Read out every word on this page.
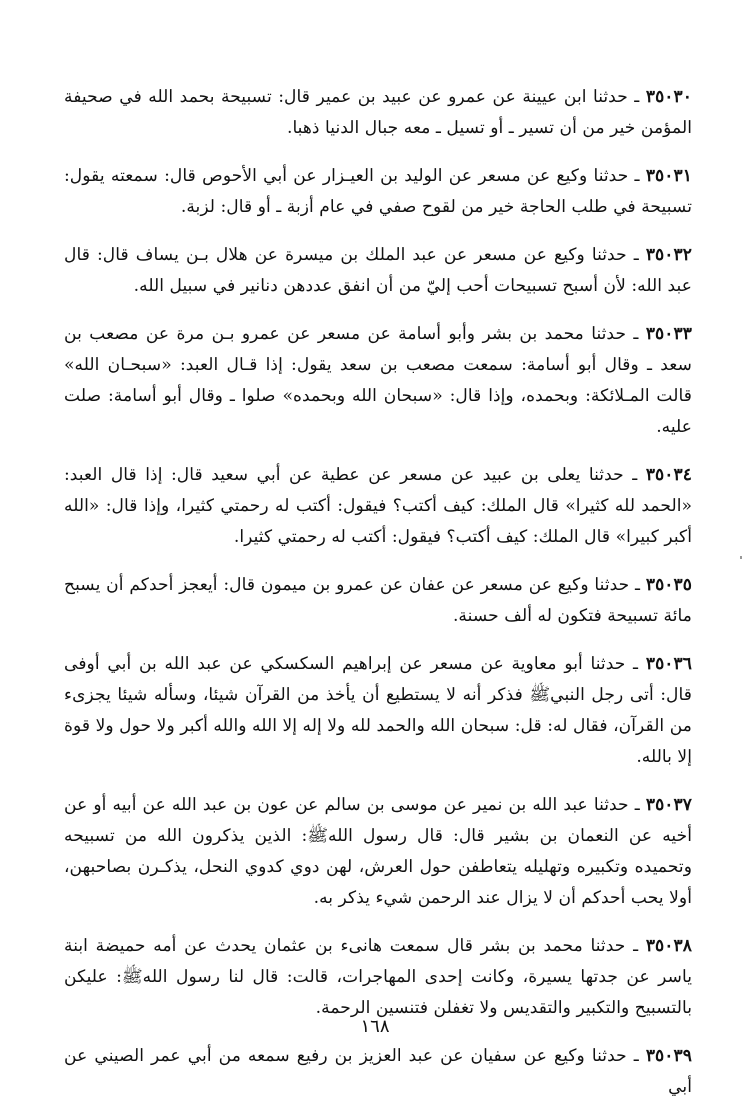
٣٥٠٣٠ ـ حدثنا ابن عيينة عن عمرو عن عبيد بن عمير قال: تسبيحة بحمد الله في صحيفة المؤمن خير من أن تسير ـ أو تسيل ـ معه جبال الدنيا ذهبا.

٣٥٠٣١ ـ حدثنا وكيع عن مسعر عن الوليد بن العيـزار عن أبي الأحوص قال: سمعته يقول: تسبيحة في طلب الحاجة خير من لقوح صفي في عام أزبة ـ أو قال: لزبة.

٣٥٠٣٢ ـ حدثنا وكيع عن مسعر عن عبد الملك بن ميسرة عن هلال بـن يساف قال: قال عبد الله: لأن أسبح تسبيحات أحب إليّ من أن انفق عددهن دنانير في سبيل الله.

٣٥٠٣٣ ـ حدثنا محمد بن بشر وأبو أسامة عن مسعر عن عمرو بـن مرة عن مصعب بن سعد ـ وقال أبو أسامة: سمعت مصعب بن سعد يقول: إذا قـال العبد: «سبحـان الله» قالت المـلائكة: وبحمده، وإذا قال: «سبحان الله وبحمده» صلوا ـ وقال أبو أسامة: صلت عليه.

٣٥٠٣٤ ـ حدثنا يعلى بن عبيد عن مسعر عن عطية عن أبي سعيد قال: إذا قال العبد: «الحمد لله كثيرا» قال الملك: كيف أكتب؟ فيقول: أكتب له رحمتي كثيرا، وإذا قال: «الله أكبر كبيرا» قال الملك: كيف أكتب؟ فيقول: أكتب له رحمتي كثيرا.

٣٥٠٣٥ ـ حدثنا وكيع عن مسعر عن عفان عن عمرو بن ميمون قال: أيعجز أحدكم أن يسبح مائة تسبيحة فتكون له ألف حسنة.

٣٥٠٣٦ ـ حدثنا أبو معاوية عن مسعر عن إبراهيم السكسكي عن عبد الله بن أبي أوفى قال: أتى رجل النبيﷺ فذكر أنه لا يستطيع أن يأخذ من القرآن شيئا، وسأله شيئا يجزىء من القرآن، فقال له: قل: سبحان الله والحمد لله ولا إله إلا الله والله أكبر ولا حول ولا قوة إلا بالله.

٣٥٠٣٧ ـ حدثنا عبد الله بن نمير عن موسى بن سالم عن عون بن عبد الله عن أبيه أو عن أخيه عن النعمان بن بشير قال: قال رسول اللهﷺ: الذين يذكرون الله من تسبيحه وتحميده وتكبيره وتهليله يتعاطفن حول العرش، لهن دوي كدوي النحل، يذكـرن بصاحبهن، أولا يحب أحدكم أن لا يزال عند الرحمن شيء يذكر به.

٣٥٠٣٨ ـ حدثنا محمد بن بشر قال سمعت هانىء بن عثمان يحدث عن أمه حميضة ابنة ياسر عن جدتها يسيرة، وكانت إحدى المهاجرات، قالت: قال لنا رسول اللهﷺ: عليكن بالتسبيح والتكبير والتقديس ولا تغفلن فتنسين الرحمة.

٣٥٠٣٩ ـ حدثنا وكيع عن سفيان عن عبد العزيز بن رفيع سمعه من أبي عمر الصيني عن أبي

١٦٨
